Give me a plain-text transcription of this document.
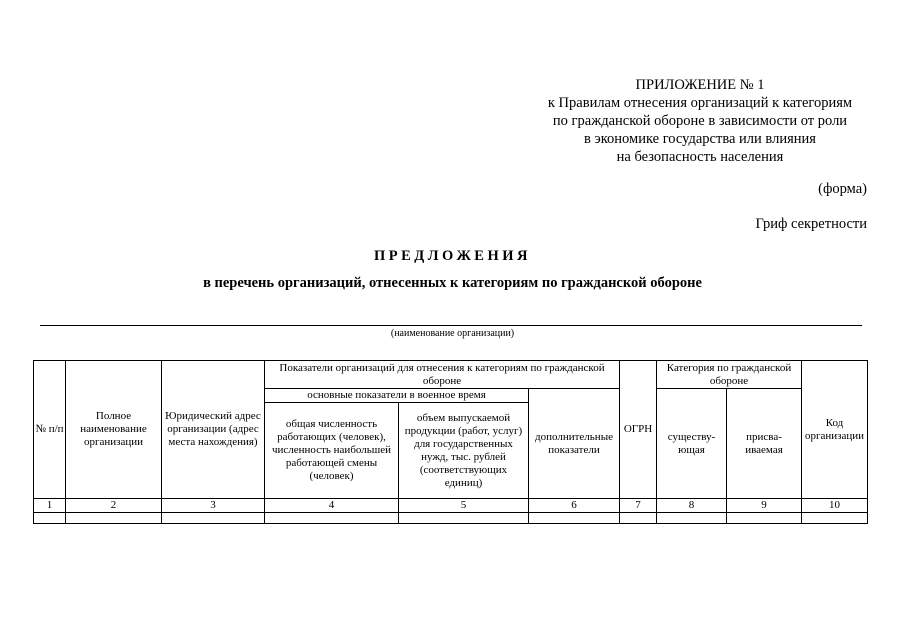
ПРИЛОЖЕНИЕ № 1
к Правилам отнесения организаций к категориям
по гражданской обороне в зависимости от роли
в экономике государства или влияния
на безопасность населения
(форма)
Гриф секретности
ПРЕДЛОЖЕНИЯ
в перечень организаций, отнесенных к категориям по гражданской обороне
(наименование организации)
№ п/п	Полное наименование организации	Юридический адрес организации (адрес места нахождения)	Показатели организаций для отнесения к категориям по гражданской обороне			ОГРН	Категория по гражданской обороне		Код организации
			основные показатели в военное время		дополнительные показатели		существу-ющая	присва-иваемая	
			общая численность работающих (человек), численность наибольшей работающей смены (человек)	объем выпускаемой продукции (работ, услуг) для государственных нужд, тыс. рублей (соответствующих единиц)					
1	2	3	4	5	6	7	8	9	10
